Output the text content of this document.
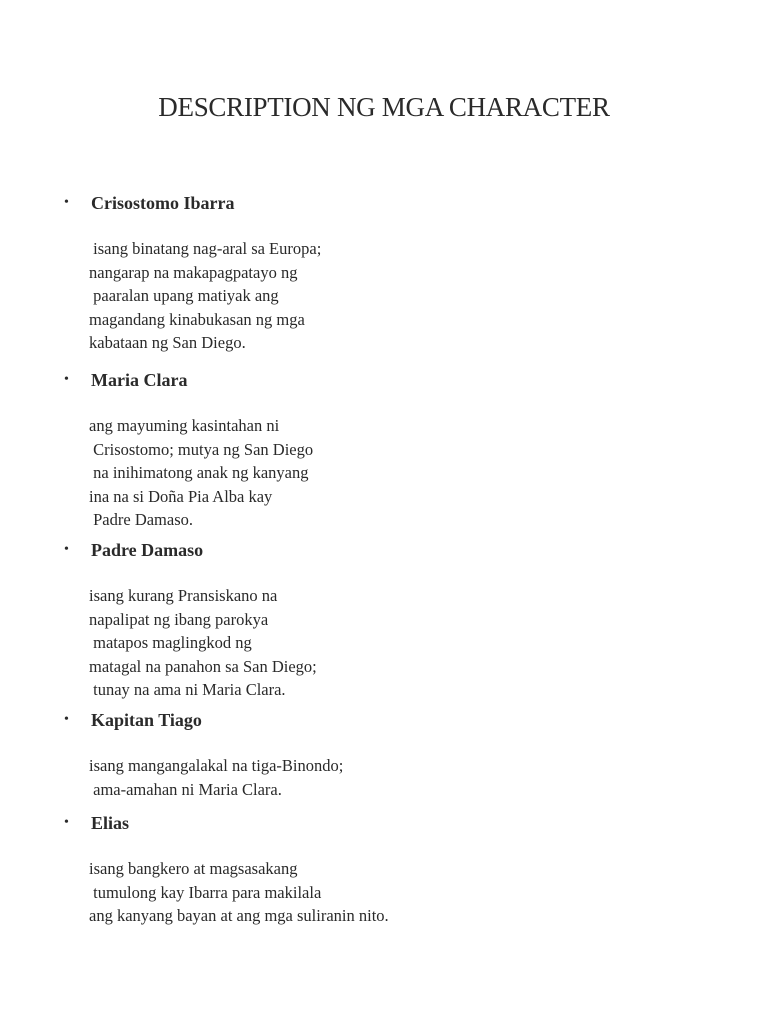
DESCRIPTION NG MGA CHARACTER
• Crisostomo Ibarra

isang binatang nag-aral sa Europa;
nangarap na makapagpatayo ng
paaralan upang matiyak ang
magandang kinabukasan ng mga
kabataan ng San Diego.

• Maria Clara

ang mayuming kasintahan ni
Crisostomo; mutya ng San Diego
na inihimatong anak ng kanyang
ina na si Doña Pia Alba kay
Padre Damaso.

• Padre Damaso

isang kurang Pransiskano na
napalipat ng ibang parokya
matapos maglingkod ng
matagal na panahon sa San Diego;
tunay na ama ni Maria Clara.

• Kapitan Tiago

isang mangangalakal na tiga-Binondo;
ama-amahan ni Maria Clara.

• Elias

isang bangkero at magsasakang
tumulong kay Ibarra para makilala
ang kanyang bayan at ang mga suliranin nito.
